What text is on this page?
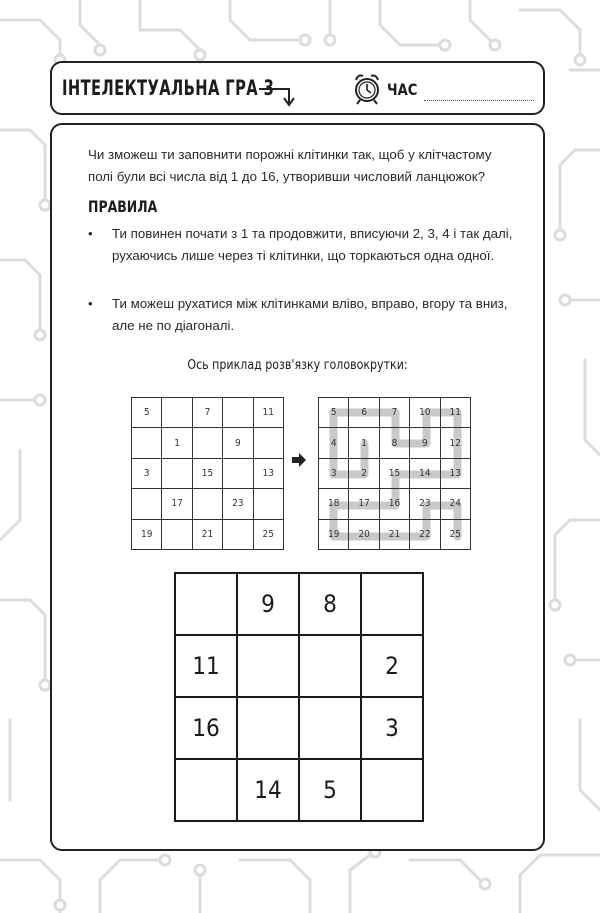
ІНТЕЛЕКТУАЛЬНА ГРА 3	ЧАС

Чи зможеш ти заповнити порожні клітинки так, щоб у клітчастому полі були всі числа від 1 до 16, утворивши числовий ланцюжок?

ПРАВИЛА
• Ти повинен почати з 1 та продовжити, вписуючи 2, 3, 4 і так далі, рухаючись лише через ті клітинки, що торкаються одна одної.
• Ти можеш рухатися між клітинками вліво, вправо, вгору та вниз, але не по діагоналі.
Ось приклад розв'язку головокрутки:
5		7		11
	1		9	
3		15		13
	17		23	
19		21		25
5	6	7	10	11
4	1	8	9	12
3	2	15	14	13
18	17	16	23	24
19	20	21	22	25
	9	8	
11			2
16			3
	14	5	
